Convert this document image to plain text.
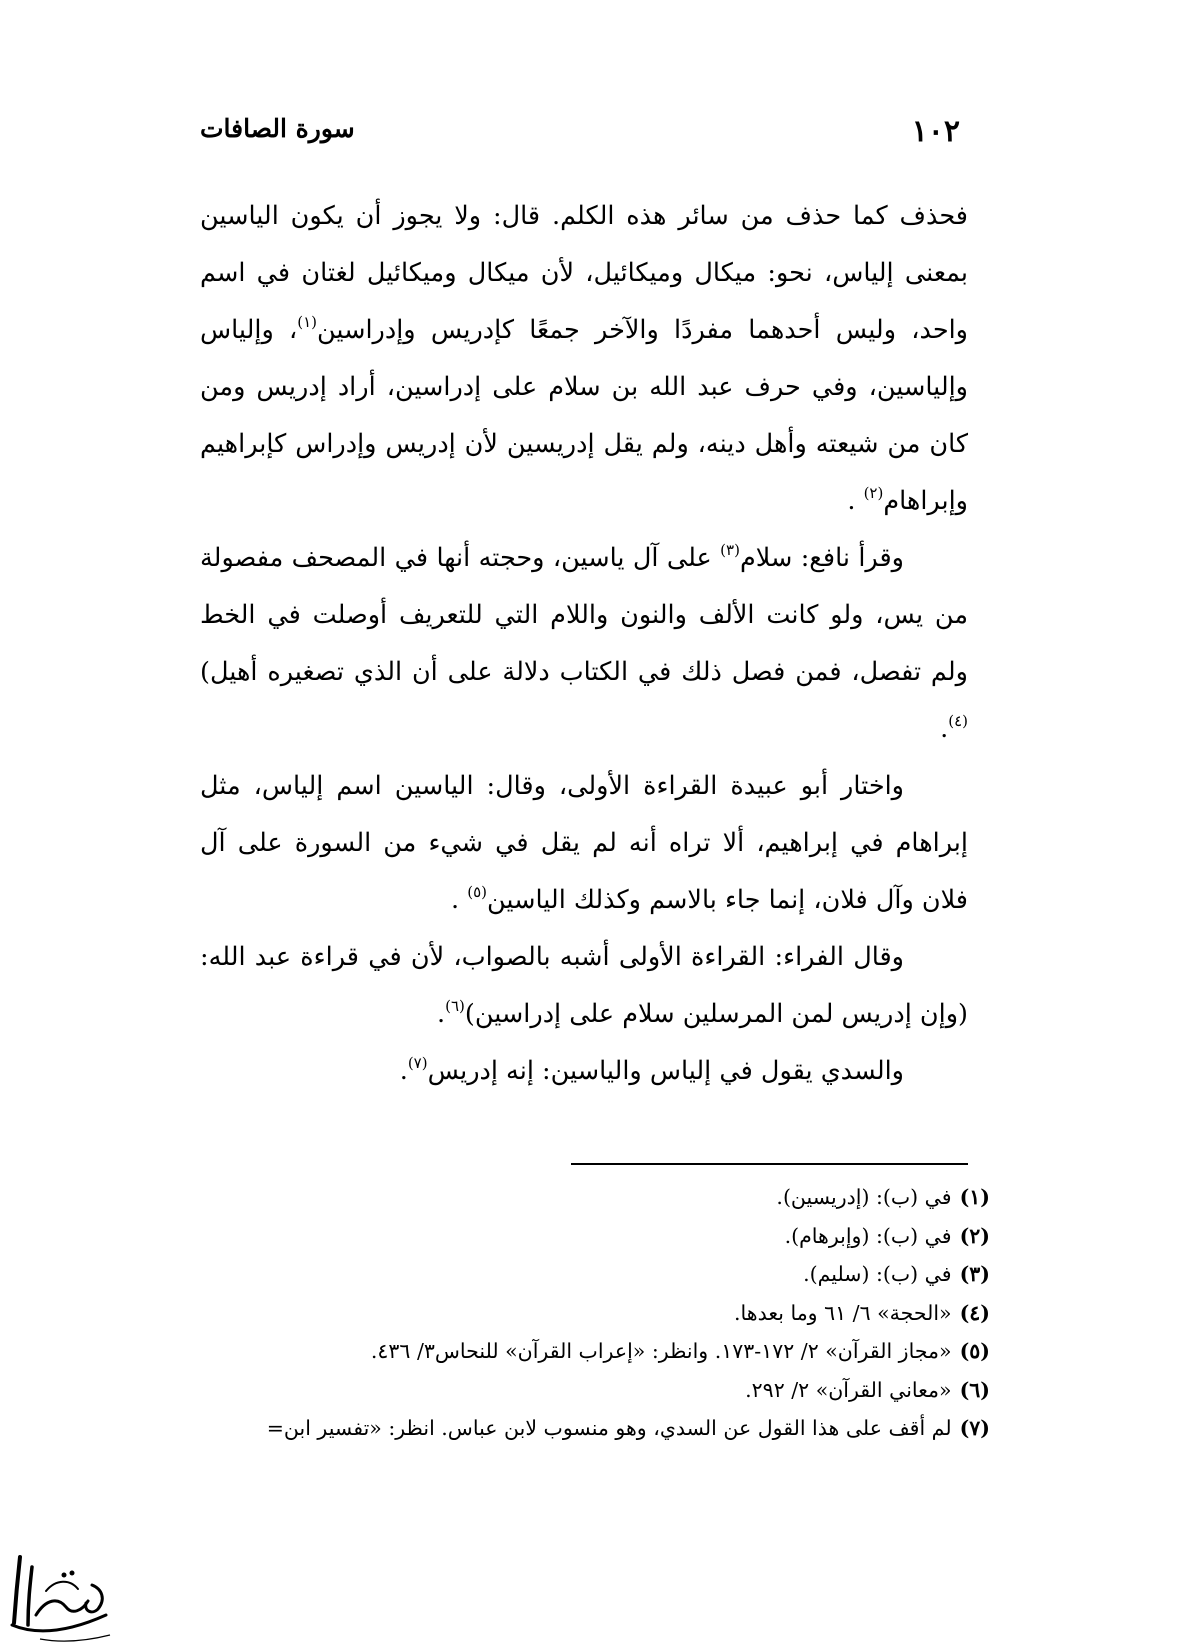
١٠٢
سورة الصافات

فحذف كما حذف من سائر هذه الكلم. قال: ولا يجوز أن يكون الياسين بمعنى إلياس، نحو: ميكال وميكائيل، لأن ميكال وميكائيل لغتان في اسم واحد، وليس أحدهما مفردًا والآخر جمعًا كإدريس وإدراسين$^{(١)}$، وإلياس وإلياسين، وفي حرف عبد الله بن سلام على إدراسين، أراد إدريس ومن كان من شيعته وأهل دينه، ولم يقل إدريسين لأن إدريس وإدراس كإبراهيم وإبراهام$^{(٢)}$ .

وقرأ نافع: سلام$^{(٣)}$ على آل ياسين، وحجته أنها في المصحف مفصولة من يس، ولو كانت الألف والنون واللام التي للتعريف أوصلت في الخط ولم تفصل، فمن فصل ذلك في الكتاب دلالة على أن الذي تصغيره أهيل)$^{(٤)}$.

واختار أبو عبيدة القراءة الأولى، وقال: الياسين اسم إلياس، مثل إبراهام في إبراهيم، ألا تراه أنه لم يقل في شيء من السورة على آل فلان وآل فلان، إنما جاء بالاسم وكذلك الياسين$^{(٥)}$ .

وقال الفراء: القراءة الأولى أشبه بالصواب، لأن في قراءة عبد الله: (وإن إدريس لمن المرسلين سلام على إدراسين)$^{(٦)}$.

والسدي يقول في إلياس والياسين: إنه إدريس$^{(٧)}$.

(١)في (ب): (إدريسين).
(٢)في (ب): (وإبرهام).
(٣)في (ب): (سليم).
(٤)«الحجة» ٦/ ٦١ وما بعدها.
(٥)«مجاز القرآن» ٢/ ١٧٢-١٧٣. وانظر: «إعراب القرآن» للنحاس٣/ ٤٣٦.
(٦)«معاني القرآن» ٢/ ٢٩٢.
(٧)لم أقف على هذا القول عن السدي، وهو منسوب لابن عباس. انظر: «تفسير ابن=
